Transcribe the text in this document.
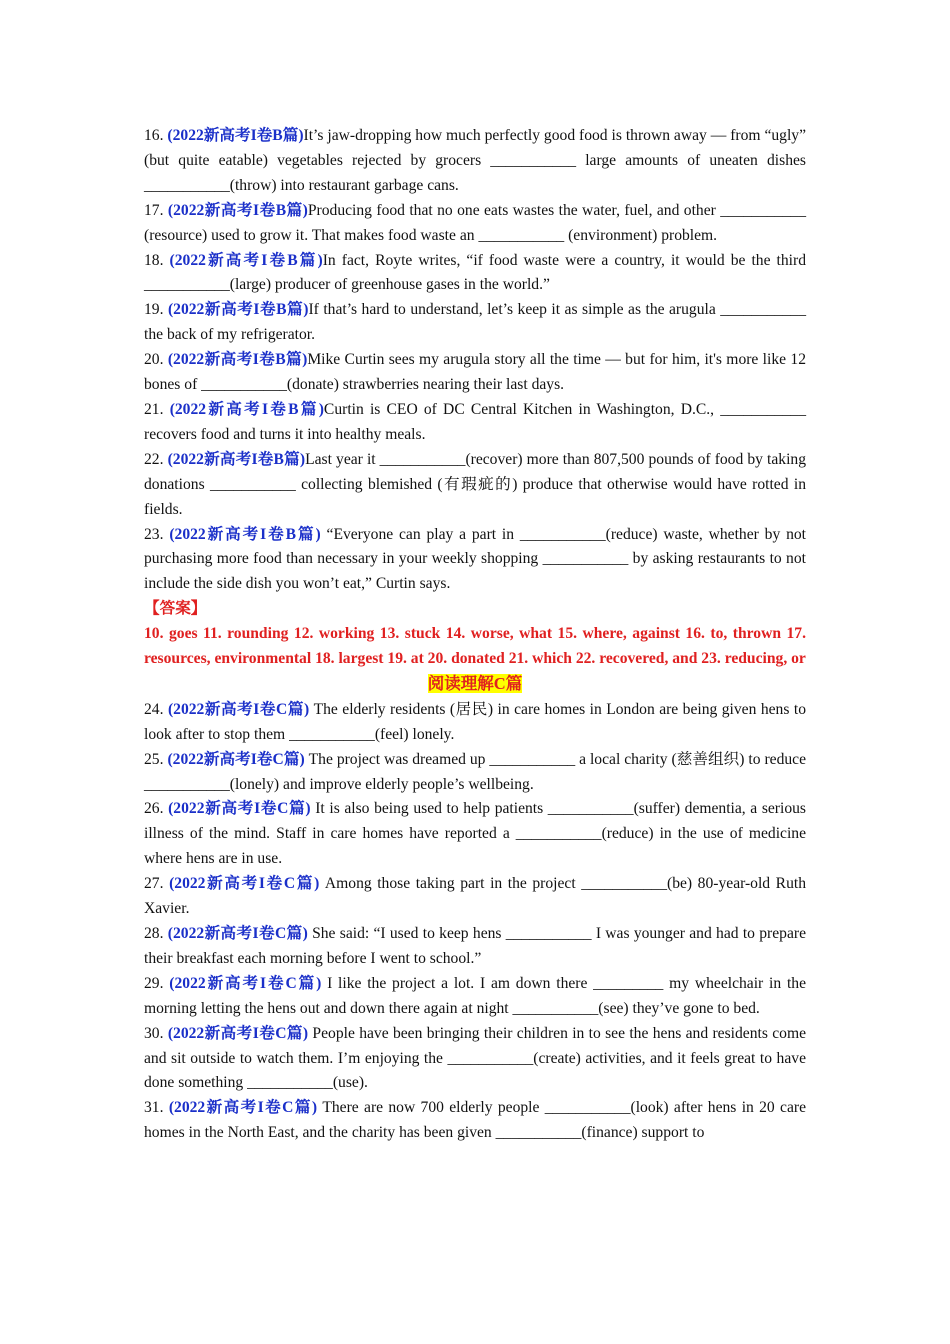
16. (2022新高考I卷B篇)It’s jaw-dropping how much perfectly good food is thrown away — from “ugly” (but quite eatable) vegetables rejected by grocers ___________ large amounts of uneaten dishes ___________(throw) into restaurant garbage cans.

17. (2022新高考I卷B篇)Producing food that no one eats wastes the water, fuel, and other ___________ (resource) used to grow it. That makes food waste an ___________ (environment) problem.

18. (2022新高考I卷B篇)In fact, Royte writes, “if food waste were a country, it would be the third ___________(large) producer of greenhouse gases in the world.”

19. (2022新高考I卷B篇)If that’s hard to understand, let’s keep it as simple as the arugula ___________ the back of my refrigerator.

20. (2022新高考I卷B篇)Mike Curtin sees my arugula story all the time — but for him, it's more like 12 bones of ___________(donate) strawberries nearing their last days.

21. (2022新高考I卷B篇)Curtin is CEO of DC Central Kitchen in Washington, D.C., ___________ recovers food and turns it into healthy meals.

22. (2022新高考I卷B篇)Last year it ___________(recover) more than 807,500 pounds of food by taking donations ___________ collecting blemished (有瑕疵的) produce that otherwise would have rotted in fields.

23. (2022新高考I卷B篇) “Everyone can play a part in ___________(reduce) waste, whether by not purchasing more food than necessary in your weekly shopping ___________ by asking restaurants to not include the side dish you won’t eat,” Curtin says.

【答案】

10. goes 11. rounding 12. working 13. stuck 14. worse, what 15. where, against 16. to, thrown 17. resources, environmental 18. largest 19. at 20. donated 21. which 22. recovered, and 23. reducing, or

阅读理解C篇

24. (2022新高考I卷C篇) The elderly residents (居民) in care homes in London are being given hens to look after to stop them ___________(feel) lonely.

25. (2022新高考I卷C篇) The project was dreamed up ___________ a local charity (慈善组织) to reduce ___________(lonely) and improve elderly people’s wellbeing.

26. (2022新高考I卷C篇) It is also being used to help patients ___________(suffer) dementia, a serious illness of the mind. Staff in care homes have reported a ___________(reduce) in the use of medicine where hens are in use.

27. (2022新高考I卷C篇) Among those taking part in the project ___________(be) 80-year-old Ruth Xavier.

28. (2022新高考I卷C篇) She said: “I used to keep hens ___________ I was younger and had to prepare their breakfast each morning before I went to school.”

29. (2022新高考I卷C篇) I like the project a lot. I am down there _________ my wheelchair in the morning letting the hens out and down there again at night ___________(see) they’ve gone to bed.

30. (2022新高考I卷C篇) People have been bringing their children in to see the hens and residents come and sit outside to watch them. I’m enjoying the ___________(create) activities, and it feels great to have done something ___________(use).

31. (2022新高考I卷C篇) There are now 700 elderly people ___________(look) after hens in 20 care homes in the North East, and the charity has been given ___________(finance) support to
